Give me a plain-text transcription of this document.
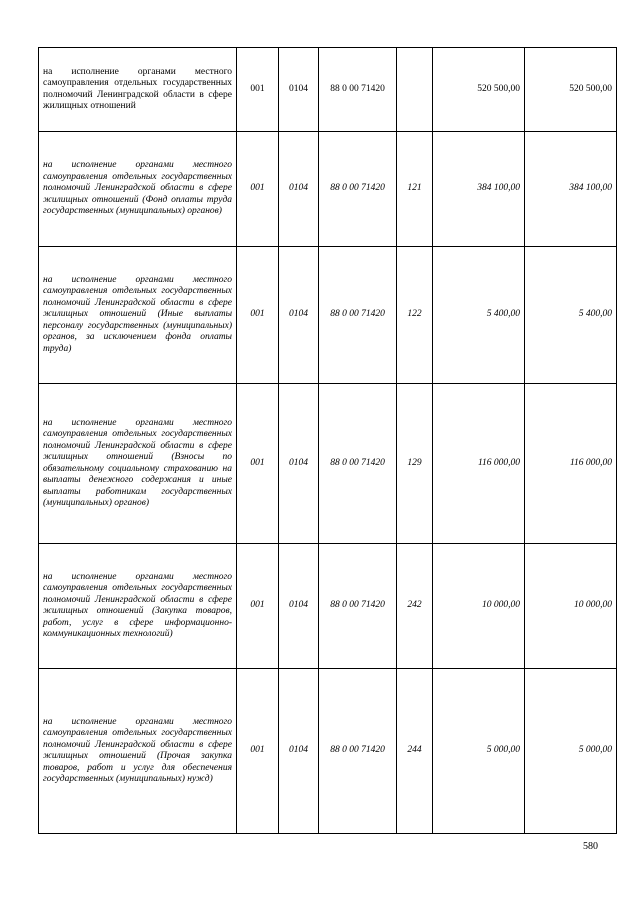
на исполнение органами местного самоуправления отдельных государственных полномочий Ленинградской области в сфере жилищных отношений	001	0104	88 0 00 71420		520 500,00	520 500,00
на исполнение органами местного самоуправления отдельных государственных полномочий Ленинградской области в сфере жилищных отношений (Фонд оплаты труда государственных (муниципальных) органов)	001	0104	88 0 00 71420	121	384 100,00	384 100,00
на исполнение органами местного самоуправления отдельных государственных полномочий Ленинградской области в сфере жилищных отношений (Иные выплаты персоналу государственных (муниципальных) органов, за исключением фонда оплаты труда)	001	0104	88 0 00 71420	122	5 400,00	5 400,00
на исполнение органами местного самоуправления отдельных государственных полномочий Ленинградской области в сфере жилищных отношений (Взносы по обязательному социальному страхованию на выплаты денежного содержания и иные выплаты работникам государственных (муниципальных) органов)	001	0104	88 0 00 71420	129	116 000,00	116 000,00
на исполнение органами местного самоуправления отдельных государственных полномочий Ленинградской области в сфере жилищных отношений (Закупка товаров, работ, услуг в сфере информационно-коммуникационных технологий)	001	0104	88 0 00 71420	242	10 000,00	10 000,00
на исполнение органами местного самоуправления отдельных государственных полномочий Ленинградской области в сфере жилищных отношений (Прочая закупка товаров, работ и услуг для обеспечения государственных (муниципальных) нужд)	001	0104	88 0 00 71420	244	5 000,00	5 000,00
580
